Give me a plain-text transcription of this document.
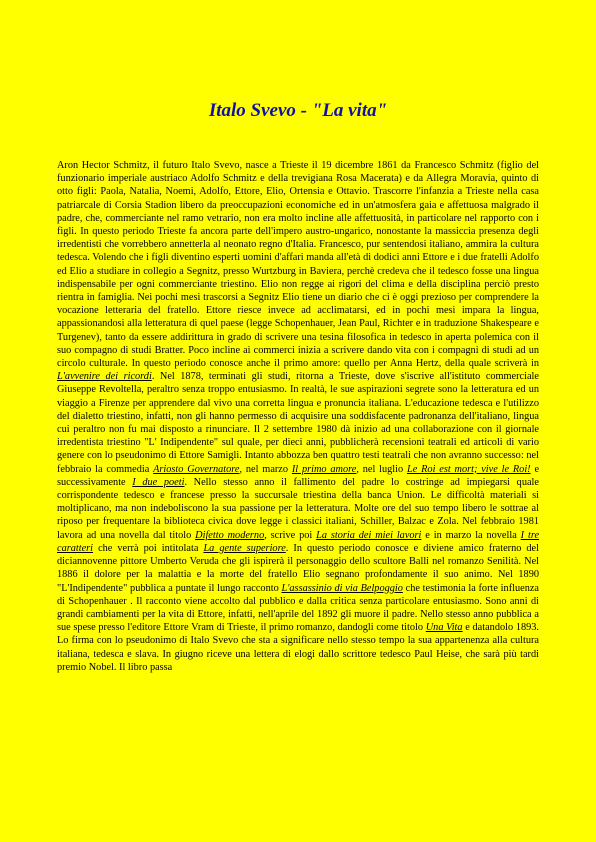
Italo Svevo - "La vita"

Aron Hector Schmitz, il futuro Italo Svevo, nasce a Trieste il 19 dicembre 1861 da Francesco Schmitz (figlio del funzionario imperiale austriaco Adolfo Schmitz e della trevigiana Rosa Macerata) e da Allegra Moravia, quinto di otto figli: Paola, Natalia, Noemi, Adolfo, Ettore, Elio, Ortensia e Ottavio. Trascorre l'infanzia a Trieste nella casa patriarcale di Corsia Stadion libero da preoccupazioni economiche ed in un'atmosfera gaia e affettuosa malgrado il padre, che, commerciante nel ramo vetrario, non era molto incline alle affettuosità, in particolare nel rapporto con i figli. In questo periodo Trieste fa ancora parte dell'impero austro-ungarico, nonostante la massiccia presenza degli irredentisti che vorrebbero annetterla al neonato regno d'Italia. Francesco, pur sentendosi italiano, ammira la cultura tedesca. Volendo che i figli diventino esperti uomini d'affari manda all'età di dodici anni Ettore e i due fratelli Adolfo ed Elio a studiare in collegio a Segnitz, presso Wurtzburg in Baviera, perchè credeva che il tedesco fosse una lingua indispensabile per ogni commerciante triestino. Elio non regge ai rigori del clima e della disciplina perciò presto rientra in famiglia. Nei pochi mesi trascorsi a Segnitz Elio tiene un diario che ci è oggi prezioso per comprendere la vocazione letteraria del fratello. Ettore riesce invece ad acclimatarsi, ed in pochi mesi impara la lingua, appassionandosi alla letteratura di quel paese (legge Schopenhauer, Jean Paul, Richter e in traduzione Shakespeare e Turgenev), tanto da essere addirittura in grado di scrivere una tesina filosofica in tedesco in aperta polemica con il suo compagno di studi Bratter. Poco incline ai commerci inizia a scrivere dando vita con i compagni di studi ad un circolo culturale. In questo periodo conosce anche il primo amore: quello per Anna Hertz, della quale scriverà in L'avvenire dei ricordi. Nel 1878, terminati gli studi, ritorna a Trieste, dove s'iscrive all'istituto commerciale Giuseppe Revoltella, peraltro senza troppo entusiasmo. In realtà, le sue aspirazioni segrete sono la letteratura ed un viaggio a Firenze per apprendere dal vivo una corretta lingua e pronuncia italiana. L'educazione tedesca e l'utilizzo del dialetto triestino, infatti, non gli hanno permesso di acquisire una soddisfacente padronanza dell'italiano, lingua cui peraltro non fu mai disposto a rinunciare. Il 2 settembre 1980 dà inizio ad una collaborazione con il giornale irredentista triestino "L' Indipendente" sul quale, per dieci anni, pubblicherà recensioni teatrali ed articoli di vario genere con lo pseudonimo di Ettore Samigli. Intanto abbozza ben quattro testi teatrali che non avranno successo: nel febbraio la commedia Ariosto Governatore, nel marzo Il primo amore, nel luglio Le Roi est mort; vive le Roi! e successivamente I due poeti. Nello stesso anno il fallimento del padre lo costringe ad impiegarsi quale corrispondente tedesco e francese presso la succursale triestina della banca Union. Le difficoltà materiali si moltiplicano, ma non indeboliscono la sua passione per la letteratura. Molte ore del suo tempo libero le sottrae al riposo per frequentare la biblioteca civica dove legge i classici italiani, Schiller, Balzac e Zola. Nel febbraio 1981 lavora ad una novella dal titolo Difetto moderno, scrive poi La storia dei miei lavori e in marzo la novella I tre caratteri che verrà poi intitolata La gente superiore. In questo periodo conosce e diviene amico fraterno del diciannovenne pittore Umberto Veruda che gli ispirerà il personaggio dello scultore Balli nel romanzo Senilità. Nel 1886 il dolore per la malattia e la morte del fratello Elio segnano profondamente il suo animo. Nel 1890 "L'Indipendente" pubblica a puntate il lungo racconto L'assassinio di via Belpoggio che testimonia la forte influenza di Schopenhauer . Il racconto viene accolto dal pubblico e dalla critica senza particolare entusiasmo. Sono anni di grandi cambiamenti per la vita di Ettore, infatti, nell'aprile del 1892 gli muore il padre. Nello stesso anno pubblica a sue spese presso l'editore Ettore Vram di Trieste, il primo romanzo, dandogli come titolo Una Vita e datandolo 1893. Lo firma con lo pseudonimo di Italo Svevo che sta a significare nello stesso tempo la sua appartenenza alla cultura italiana, tedesca e slava. In giugno riceve una lettera di elogi dallo scrittore tedesco Paul Heise, che sarà più tardi premio Nobel. Il libro passa
